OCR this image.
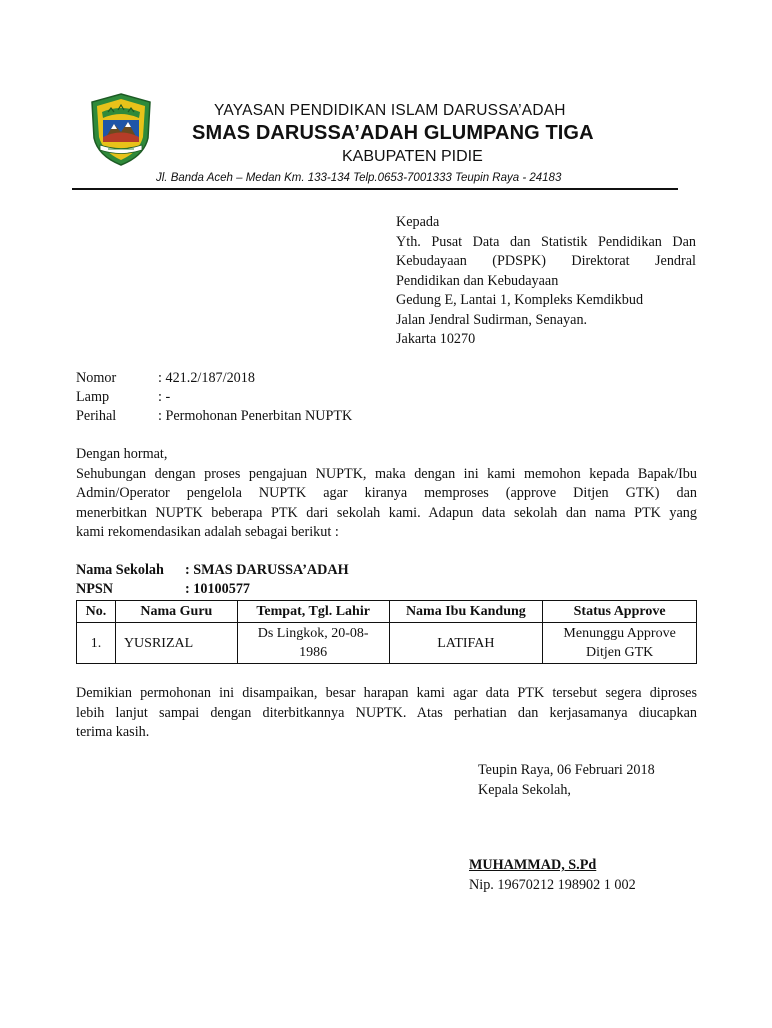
YAYASAN PENDIDIKAN ISLAM DARUSSA’ADAH
SMAS DARUSSA’ADAH GLUMPANG TIGA
KABUPATEN PIDIE
Jl. Banda Aceh – Medan Km. 133-134 Telp.0653-7001333 Teupin Raya - 24183
Kepada
Yth. Pusat Data dan Statistik Pendidikan Dan
Kebudayaan (PDSPK) Direktorat Jendral
Pendidikan dan Kebudayaan
Gedung E, Lantai 1, Kompleks Kemdikbud
Jalan Jendral Sudirman, Senayan.
Jakarta 10270
Nomor	: 421.2/187/2018
Lamp	: -
Perihal	: Permohonan Penerbitan NUPTK
Dengan hormat,
Sehubungan dengan proses pengajuan NUPTK, maka dengan ini kami memohon kepada Bapak/Ibu
Admin/Operator pengelola NUPTK agar kiranya memproses (approve Ditjen GTK) dan
menerbitkan NUPTK beberapa PTK dari sekolah kami. Adapun data sekolah dan nama PTK yang
kami rekomendasikan adalah sebagai berikut :
Nama Sekolah : SMAS DARUSSA’ADAH
NPSN	: 10100577
No.	Nama Guru	Tempat, Tgl. Lahir	Nama Ibu Kandung	Status Approve
1.	YUSRIZAL	Ds Lingkok, 20-08-1986	LATIFAH	Menunggu Approve Ditjen GTK
Demikian permohonan ini disampaikan, besar harapan kami agar data PTK tersebut segera diproses
lebih lanjut sampai dengan diterbitkannya NUPTK. Atas perhatian dan kerjasamanya diucapkan
terima kasih.
Teupin Raya, 06 Februari 2018
Kepala Sekolah,
MUHAMMAD, S.Pd
Nip. 19670212 198902 1 002
